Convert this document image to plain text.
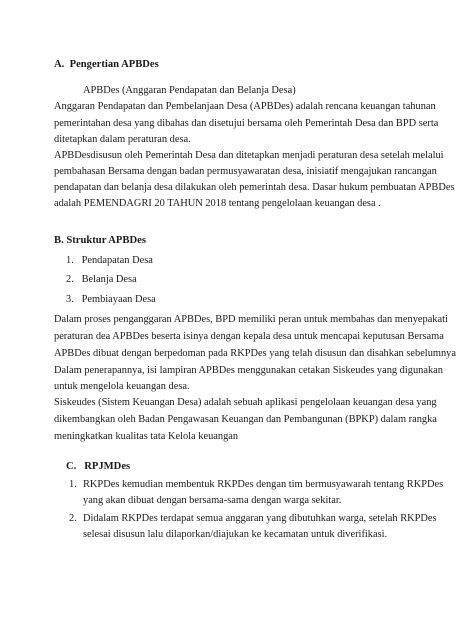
A. Pengertian APBDes
APBDes (Anggaran Pendapatan dan Belanja Desa)
Anggaran Pendapatan dan Pembelanjaan Desa (APBDes) adalah rencana keuangan tahunan
pemerintahan desa yang dibahas dan disetujui bersama oleh Pemerintah Desa dan BPD serta
ditetapkan dalam peraturan desa.
APBDesdisusun oleh Pemerintah Desa dan ditetapkan menjadi peraturan desa setelah melalui
pembahasan Bersama dengan badan permusyawaratan desa, inisiatif mengajukan rancangan
pendapatan dan belanja desa dilakukan oleh pemerintah desa. Dasar hukum pembuatan APBDes
adalah PEMENDAGRI 20 TAHUN 2018 tentang pengelolaan keuangan desa .
B. Struktur APBDes
1. Pendapatan Desa
2. Belanja Desa
3. Pembiayaan Desa
Dalam proses penganggaran APBDes, BPD memiliki peran untuk membahas dan menyepakati
peraturan dea APBDes beserta isinya dengan kepala desa untuk mencapai keputusan Bersama
APBDes dibuat dengan berpedoman pada RKPDes yang telah disusun dan disahkan sebelumnya
Dalam penerapannya, isi lampiran APBDes menggunakan cetakan Siskeudes yang digunakan
untuk mengelola keuangan desa.
Siskeudes (Sistem Keuangan Desa) adalah sebuah aplikasi pengelolaan keuangan desa yang
dikembangkan oleh Badan Pengawasan Keuangan dan Pembangunan (BPKP) dalam rangka
meningkatkan kualitas tata Kelola keuangan
C. RPJMDes
1. RKPDes kemudian membentuk RKPDes dengan tim bermusyawarah tentang RKPDes
yang akan dibuat dengan bersama-sama dengan warga sekitar.
2. Didalam RKPDes terdapat semua anggaran yang dibutuhkan warga, setelah RKPDes
selesai disusun lalu dilaporkan/diajukan ke kecamatan untuk diverifikasi.
